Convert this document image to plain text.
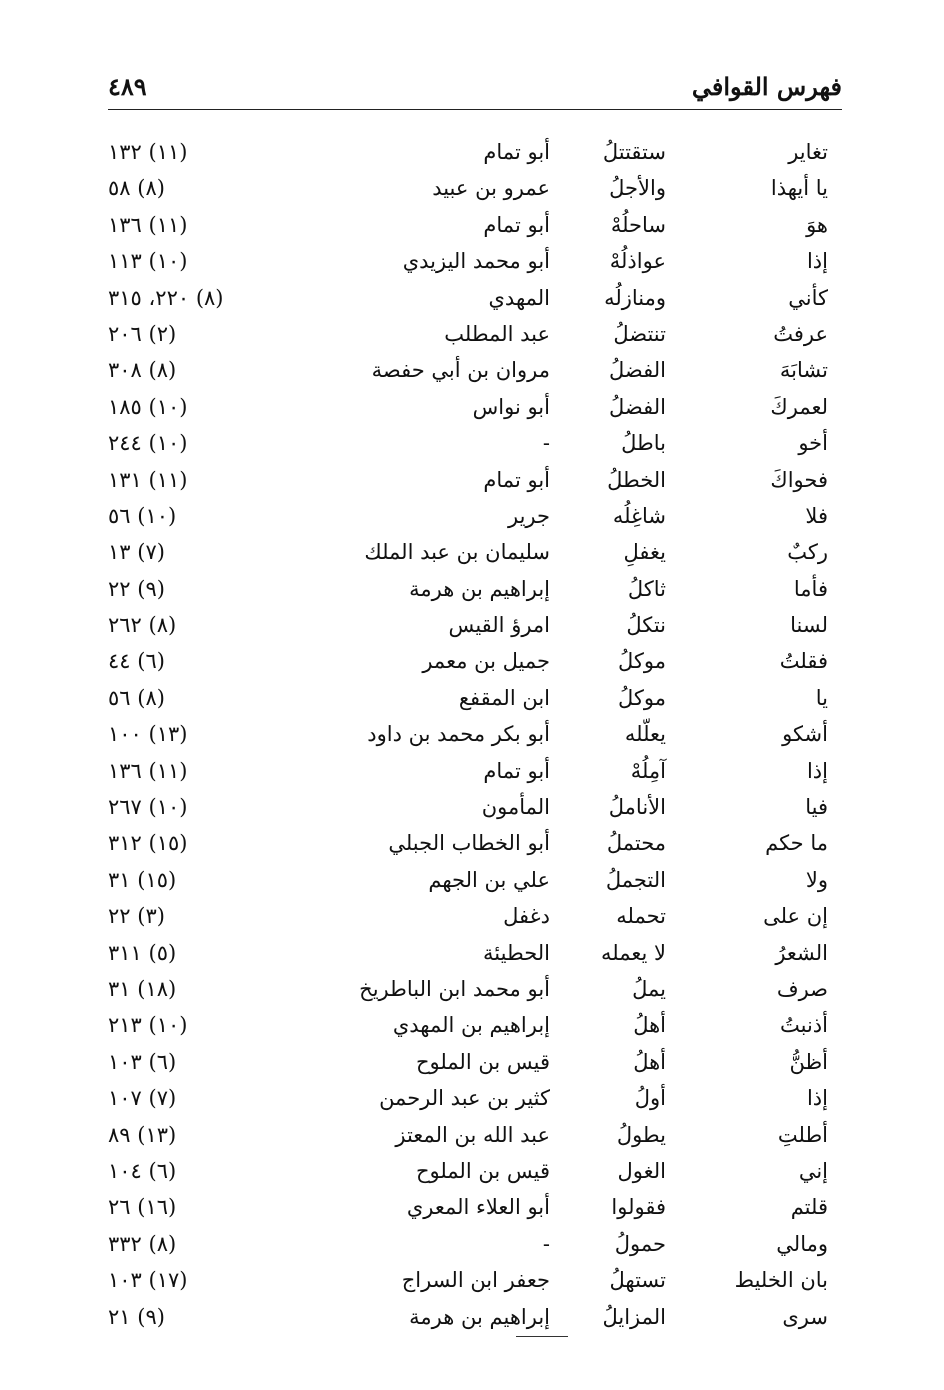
فهرس القوافي
٤٨٩
تغاير
ستقتتلُ
أبو تمام
(١١) ١٣٢
يا أيهذا
والأجلُ
عمرو بن عبيد
(٨) ٥٨
هوَ
ساحلُهْ
أبو تمام
(١١) ١٣٦
إذا
عواذلُهْ
أبو محمد اليزيدي
(١٠) ١١٣
كأني
ومنازلُه
المهدي
(٨) ٢٢٠، ٣١٥
عرفتُ
تنتضلُ
عبد المطلب
(٢) ٢٠٦
تشابَهَ
الفضلُ
مروان بن أبي حفصة
(٨) ٣٠٨
لعمركَ
الفضلُ
أبو نواس
(١٠) ١٨٥
أخو
باطلُ
-
(١٠) ٢٤٤
فحواكَ
الخطلُ
أبو تمام
(١١) ١٣١
فلا
شاغِلُه
جرير
(١٠) ٥٦
ركبٌ
يغفلِ
سليمان بن عبد الملك
(٧) ١٣
فأما
ثاكلُ
إبراهيم بن هرمة
(٩) ٢٢
لسنا
نتكلُ
امرؤ القيس
(٨) ٢٦٢
فقلتُ
موكلُ
جميل بن معمر
(٦) ٤٤
يا
موكلُ
ابن المقفع
(٨) ٥٦
أشكو
يعلّله
أبو بكر محمد بن داود
(١٣) ١٠٠
إذا
آمِلُهْ
أبو تمام
(١١) ١٣٦
فيا
الأناملُ
المأمون
(١٠) ٢٦٧
ما حكم
محتملُ
أبو الخطاب الجبلي
(١٥) ٣١٢
ولا
التجملُ
علي بن الجهم
(١٥) ٣١
إن على
تحمله
دغفل
(٣) ٢٢
الشعرُ
لا يعمله
الحطيئة
(٥) ٣١١
صرف
يملُ
أبو محمد ابن الباطريخ
(١٨) ٣١
أذنبتُ
أهلُ
إبراهيم بن المهدي
(١٠) ٢١٣
أظنُّ
أهلُ
قيس بن الملوح
(٦) ١٠٣
إذا
أولُ
كثير بن عبد الرحمن
(٧) ١٠٧
أطلتِ
يطولُ
عبد الله بن المعتز
(١٣) ٨٩
إني
الغول
قيس بن الملوح
(٦) ١٠٤
قلتم
فقولوا
أبو العلاء المعري
(١٦) ٢٦
ومالي
حمولُ
-
(٨) ٣٣٢
بان الخليط
تستهلُ
جعفر ابن السراج
(١٧) ١٠٣
سرى
المزايلُ
إبراهيم بن هرمة
(٩) ٢١
